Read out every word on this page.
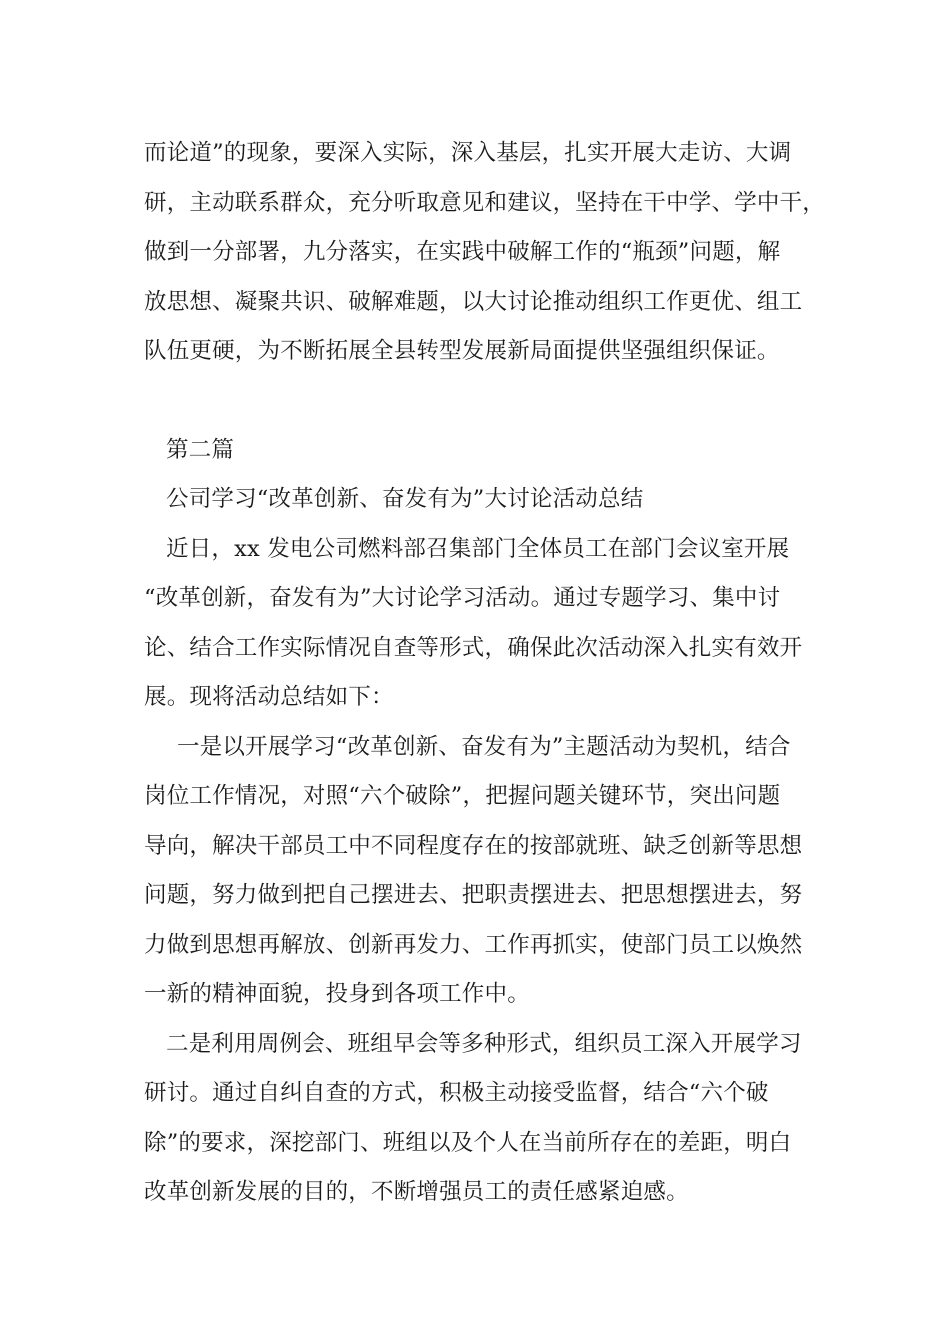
而论道”的现象，要深入实际，深入基层，扎实开展大走访、大调

研，主动联系群众，充分听取意见和建议，坚持在干中学、学中干，

做到一分部署，九分落实，在实践中破解工作的“瓶颈”问题，解

放思想、凝聚共识、破解难题，以大讨论推动组织工作更优、组工

队伍更硬，为不断拓展全县转型发展新局面提供坚强组织保证。

第二篇

公司学习“改革创新、奋发有为”大讨论活动总结

近日，xx 发电公司燃料部召集部门全体员工在部门会议室开展

“改革创新，奋发有为”大讨论学习活动。通过专题学习、集中讨

论、结合工作实际情况自查等形式，确保此次活动深入扎实有效开

展。现将活动总结如下：

一是以开展学习“改革创新、奋发有为”主题活动为契机，结合

岗位工作情况，对照“六个破除”，把握问题关键环节，突出问题

导向，解决干部员工中不同程度存在的按部就班、缺乏创新等思想

问题，努力做到把自己摆进去、把职责摆进去、把思想摆进去，努

力做到思想再解放、创新再发力、工作再抓实，使部门员工以焕然

一新的精神面貌，投身到各项工作中。

二是利用周例会、班组早会等多种形式，组织员工深入开展学习

研讨。通过自纠自查的方式，积极主动接受监督，结合“六个破

除”的要求，深挖部门、班组以及个人在当前所存在的差距，明白

改革创新发展的目的，不断增强员工的责任感紧迫感。
